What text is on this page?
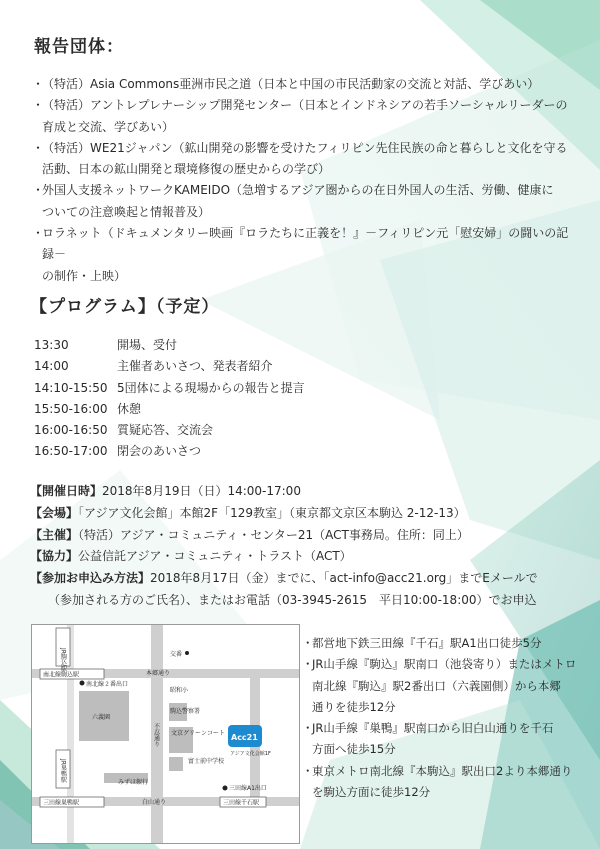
報告団体：
・
（特活）Asia Commons亜洲市民之道（日本と中国の市民活動家の交流と対話、学びあい）
・
（特活）アントレプレナーシップ開発センター（日本とインドネシアの若手ソーシャルリーダーの
育成と交流、学びあい）
・
（特活）WE21ジャパン（鉱山開発の影響を受けたフィリピン先住民族の命と暮らしと文化を守る
活動、日本の鉱山開発と環境修復の歴史からの学び）
・
外国人支援ネットワークKAMEIDO（急増するアジア圏からの在日外国人の生活、労働、健康に
ついての注意喚起と情報普及）
・
ロラネット（ドキュメンタリー映画『ロラたちに正義を！』－フィリピン元「慰安婦」の闘いの記録－
の制作・上映）
【プログラム】（予定）
13:30	開場、受付
14:00	主催者あいさつ、発表者紹介
14:10-15:50 5団体による現場からの報告と提言
15:50-16:00 休憩
16:00-16:50 質疑応答、交流会
16:50-17:00 閉会のあいさつ
【開催日時】2018年8月19日（日）14:00-17:00
【会場】「アジア文化会館」本館2F「129教室」（東京都文京区本駒込 2-12-13）
【主催】（特活）アジア・コミュニティ・センター21（ACT事務局。住所：同上）
【協力】公益信託アジア・コミュニティ・トラスト（ACT）
【参加お申込み方法】2018年8月17日（金）までに、「act-info@acc21.org」までEメールで
（参加される方のご氏名）、またはお電話（03-3945-2615　平日10:00-18:00）でお申込
JR駒込駅
南北線駒込駅
交番
南北線２番出口
本郷通り
昭和小
六義園
駒込警察署
不忍通り 文京グリーンコート Acc21
アジア文化会館1F
富士前中学校
みずほ銀行
JR巣鴨駅
三田線巣鴨駅	白山通り
三田線A1出口
三田線千石駅
・
都営地下鉄三田線『千石』駅A1出口徒歩5分
・
JR山手線『駒込』駅南口（池袋寄り）またはメトロ
南北線『駒込』駅2番出口（六義園側）から本郷
通りを徒歩12分
・
JR山手線『巣鴨』駅南口から旧白山通りを千石
方面へ徒歩15分
・
東京メトロ南北線『本駒込』駅出口2より本郷通り
を駒込方面に徒歩12分
